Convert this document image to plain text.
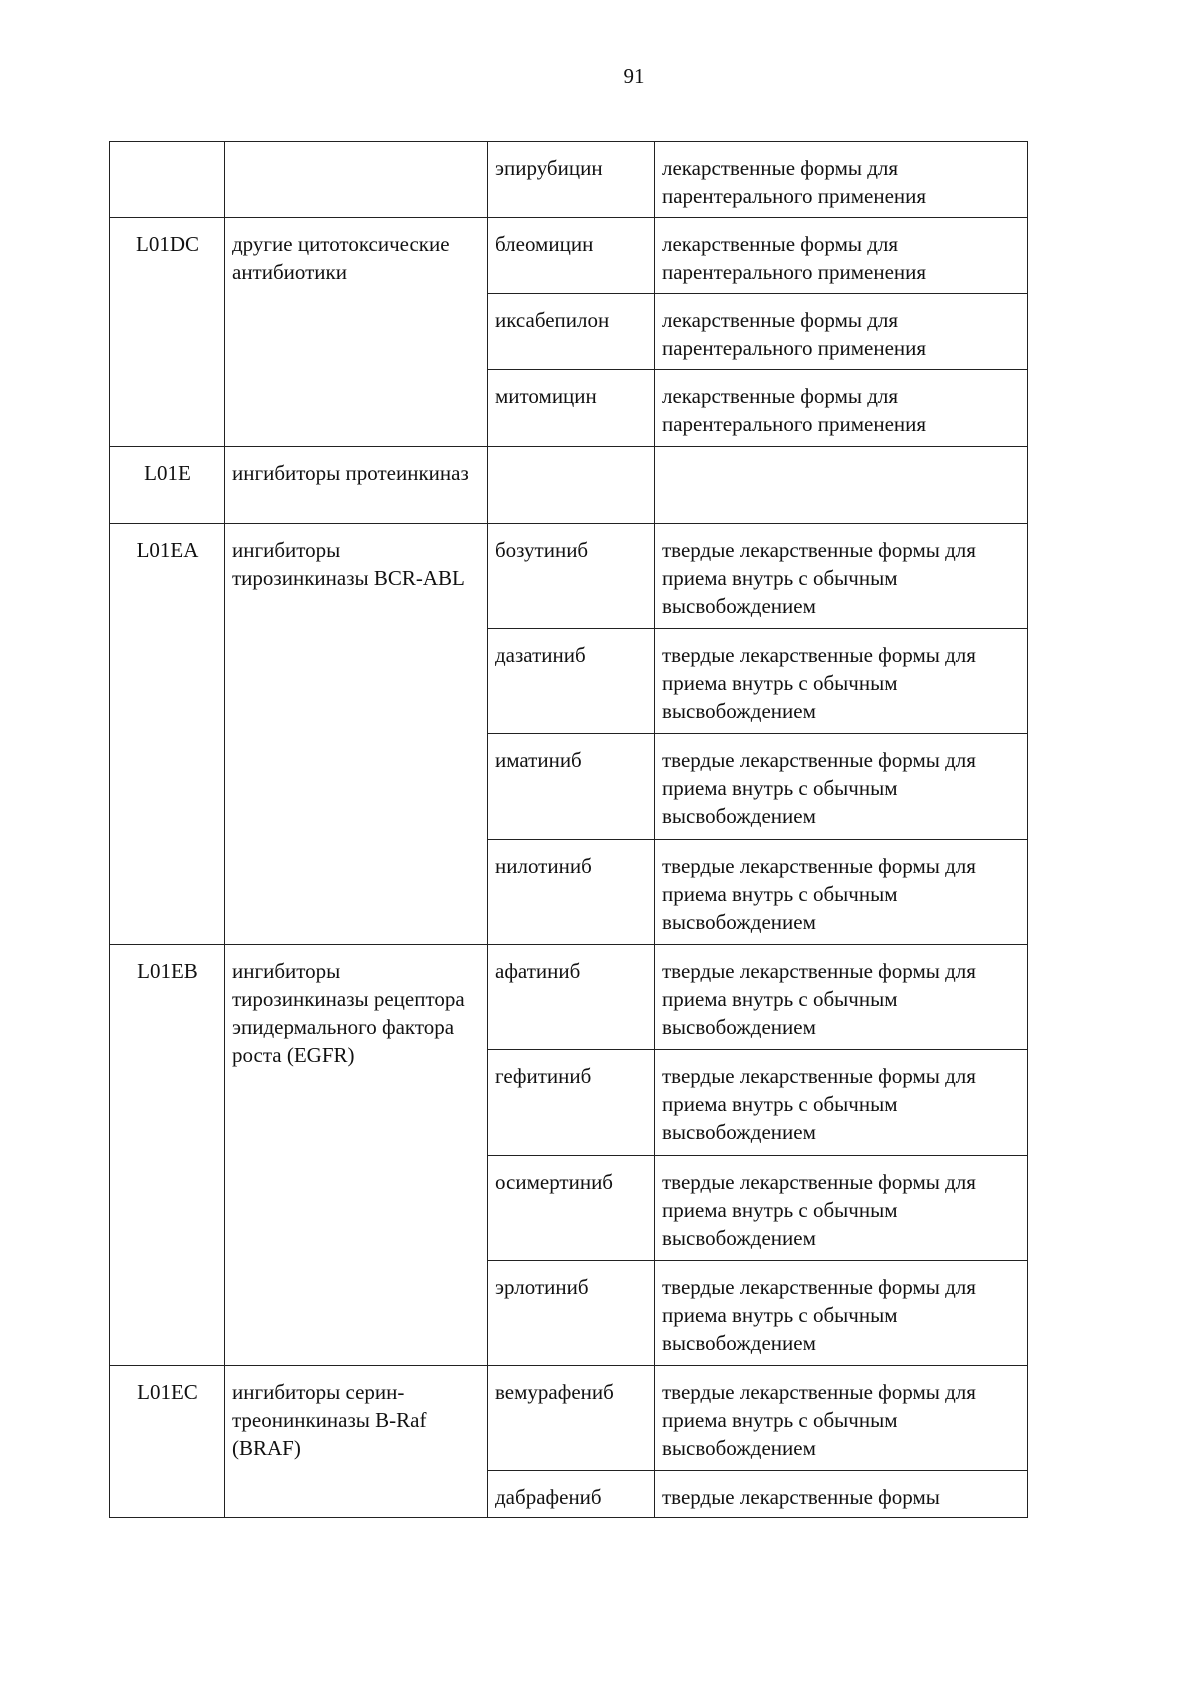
91
		эпирубицин	лекарственные формы для парентерального применения
L01DC	другие цитотоксические антибиотики	блеомицин	лекарственные формы для парентерального применения
		иксабепилон	лекарственные формы для парентерального применения
		митомицин	лекарственные формы для парентерального применения
L01E	ингибиторы протеинкиназ		
L01EA	ингибиторы тирозинкиназы BCR-ABL	бозутиниб	твердые лекарственные формы для приема внутрь с обычным высвобождением
		дазатиниб	твердые лекарственные формы для приема внутрь с обычным высвобождением
		иматиниб	твердые лекарственные формы для приема внутрь с обычным высвобождением
		нилотиниб	твердые лекарственные формы для приема внутрь с обычным высвобождением
L01EB	ингибиторы тирозинкиназы рецептора эпидермального фактора роста (EGFR)	афатиниб	твердые лекарственные формы для приема внутрь с обычным высвобождением
		гефитиниб	твердые лекарственные формы для приема внутрь с обычным высвобождением
		осимертиниб	твердые лекарственные формы для приема внутрь с обычным высвобождением
		эрлотиниб	твердые лекарственные формы для приема внутрь с обычным высвобождением
L01EC	ингибиторы серин-треонинкиназы B-Raf (BRAF)	вемурафениб	твердые лекарственные формы для приема внутрь с обычным высвобождением
		дабрафениб	твердые лекарственные формы
